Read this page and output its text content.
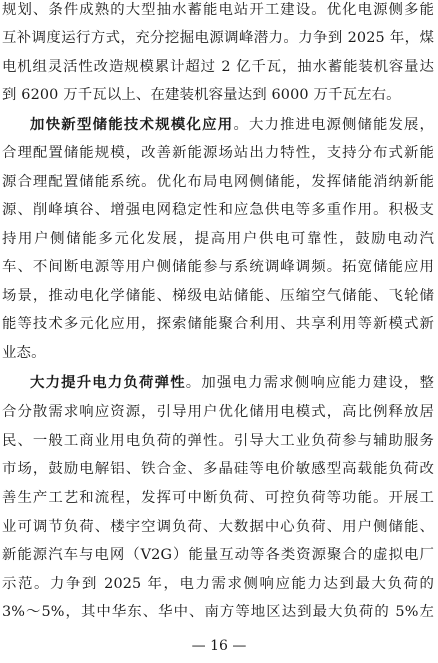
规划、条件成熟的大型抽水蓄能电站开工建设。优化电源侧多能
互补调度运行方式，充分挖掘电源调峰潜力。力争到 2025 年，煤
电机组灵活性改造规模累计超过 2 亿千瓦，抽水蓄能装机容量达
到 6200 万千瓦以上、在建装机容量达到 6000 万千瓦左右。
加快新型储能技术规模化应用。大力推进电源侧储能发展，
合理配置储能规模，改善新能源场站出力特性，支持分布式新能
源合理配置储能系统。优化布局电网侧储能，发挥储能消纳新能
源、削峰填谷、增强电网稳定性和应急供电等多重作用。积极支
持用户侧储能多元化发展，提高用户供电可靠性，鼓励电动汽
车、不间断电源等用户侧储能参与系统调峰调频。拓宽储能应用
场景，推动电化学储能、梯级电站储能、压缩空气储能、飞轮储
能等技术多元化应用，探索储能聚合利用、共享利用等新模式新
业态。
大力提升电力负荷弹性。加强电力需求侧响应能力建设，整
合分散需求响应资源，引导用户优化储用电模式，高比例释放居
民、一般工商业用电负荷的弹性。引导大工业负荷参与辅助服务
市场，鼓励电解铝、铁合金、多晶硅等电价敏感型高载能负荷改
善生产工艺和流程，发挥可中断负荷、可控负荷等功能。开展工
业可调节负荷、楼宇空调负荷、大数据中心负荷、用户侧储能、
新能源汽车与电网（V2G）能量互动等各类资源聚合的虚拟电厂
示范。力争到 2025 年，电力需求侧响应能力达到最大负荷的
3%～5%，其中华东、华中、南方等地区达到最大负荷的 5%左
— 16 —
